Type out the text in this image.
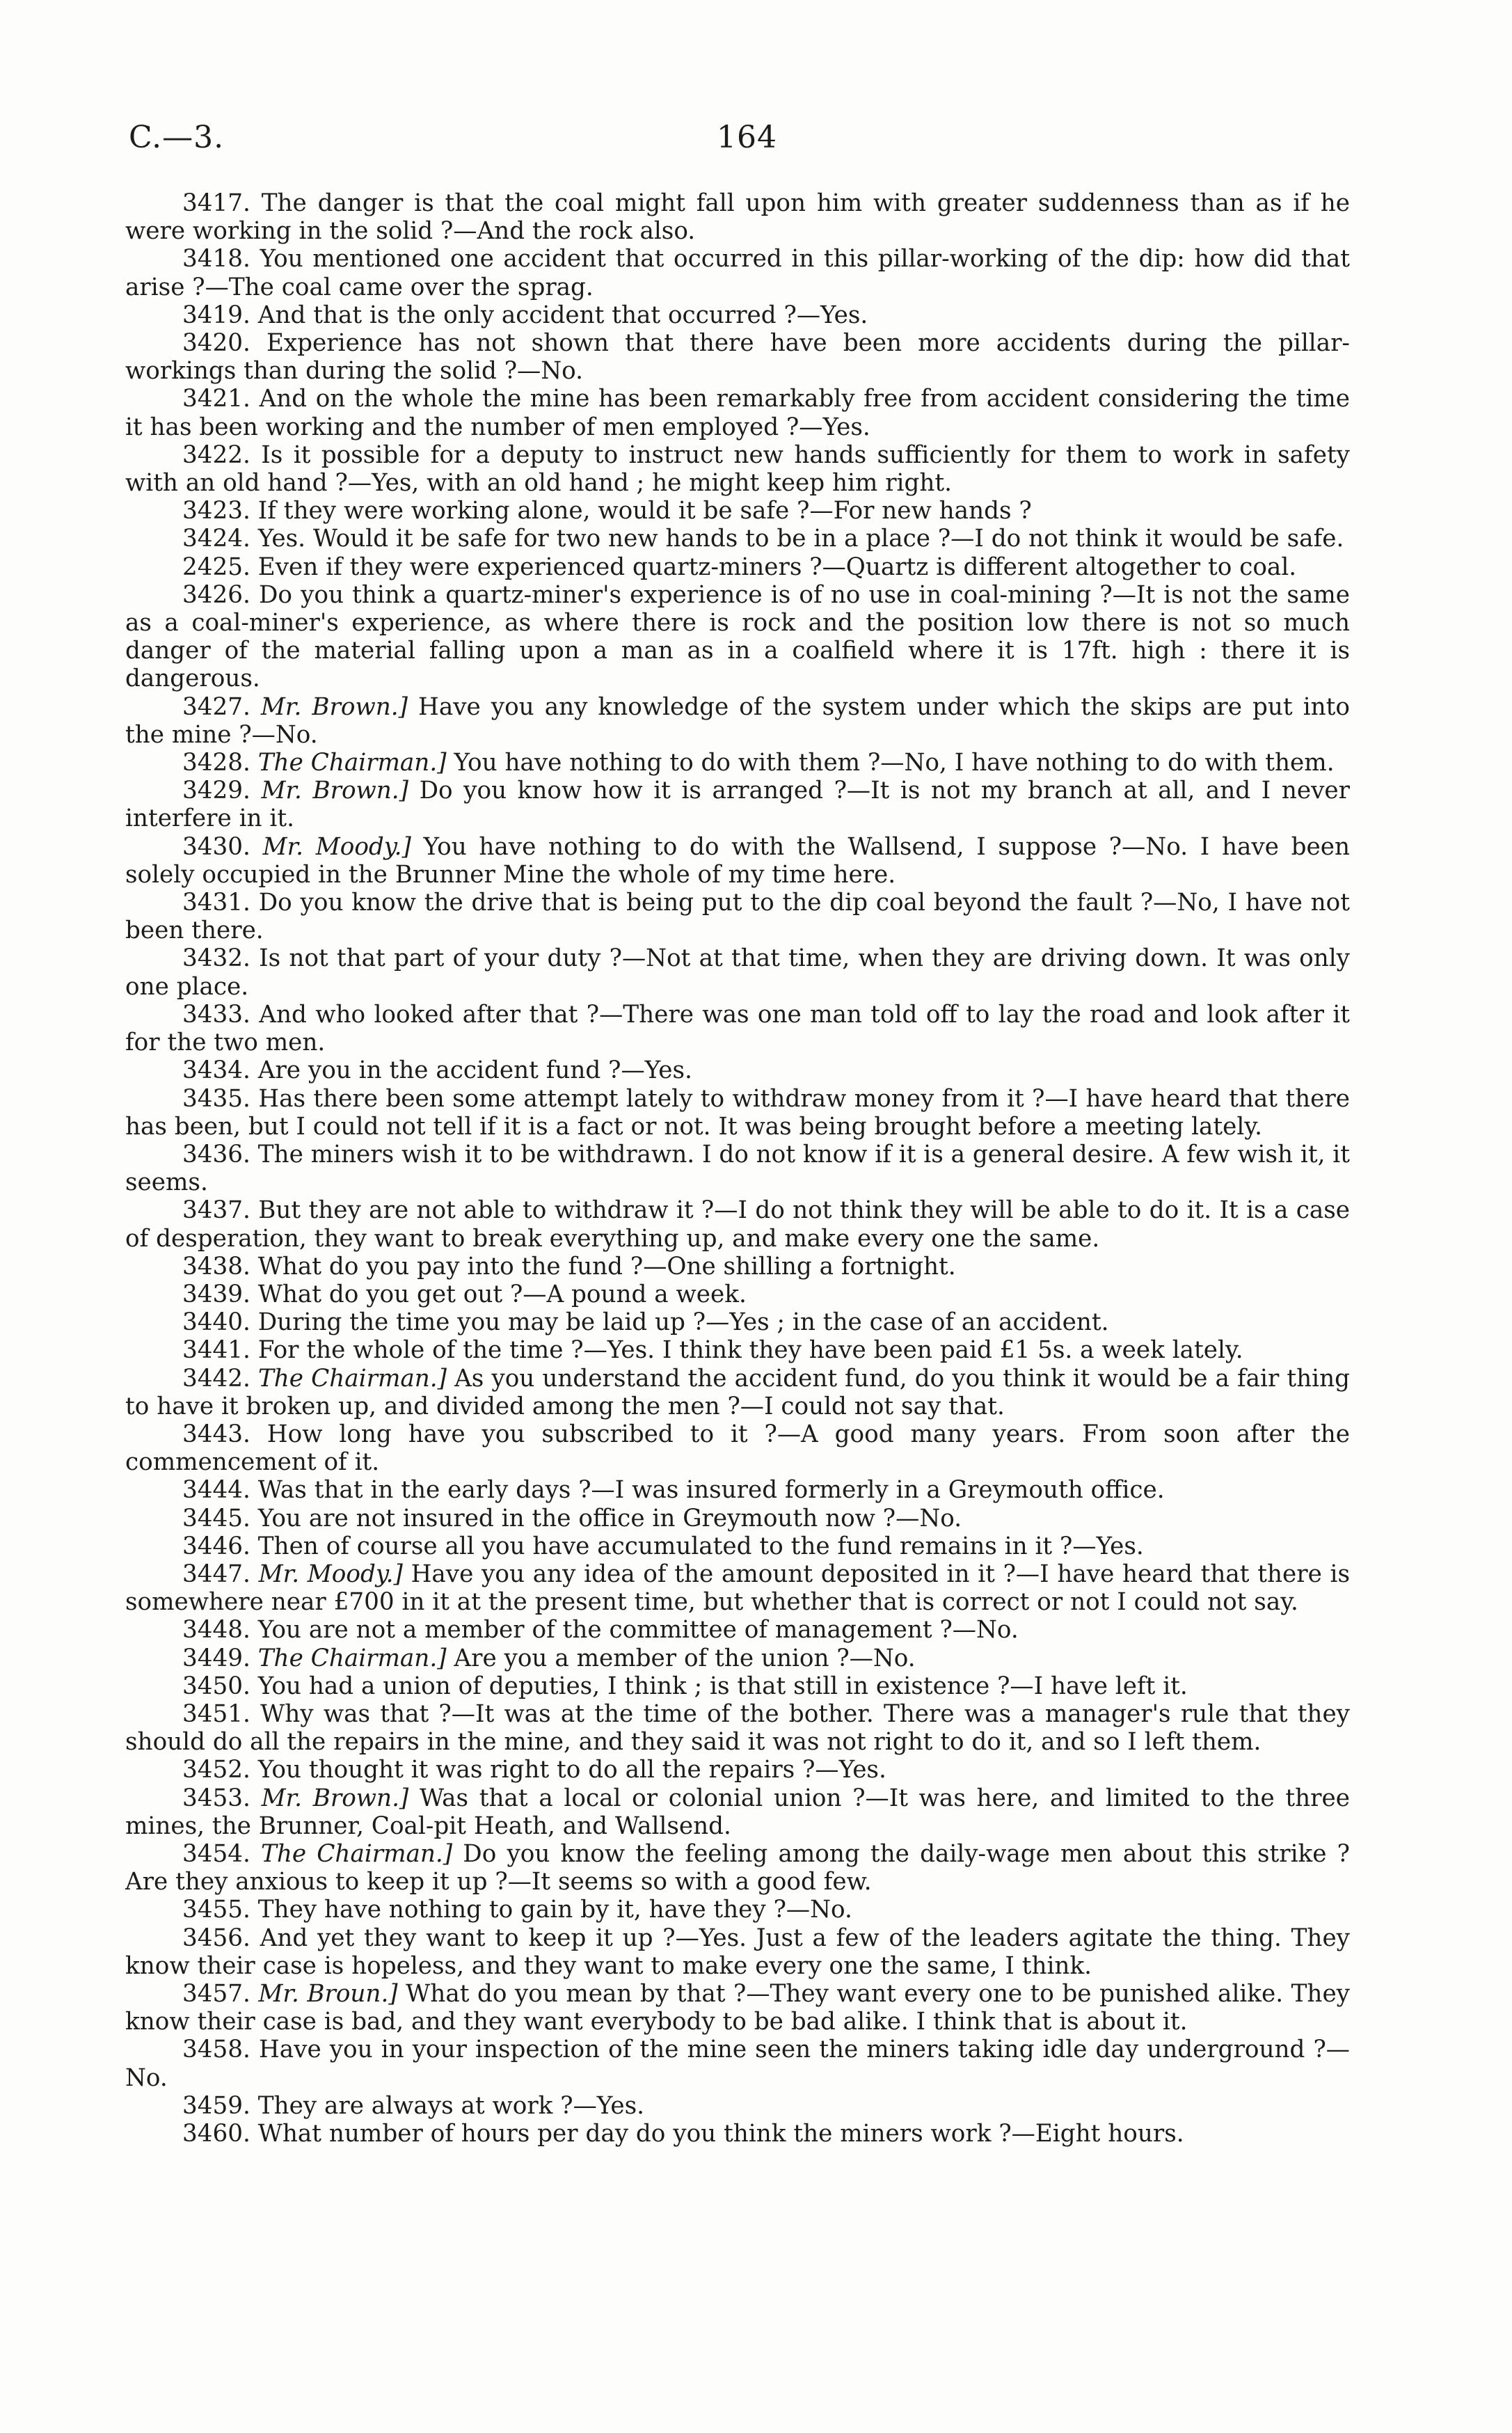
C.—3.	164

3417. The danger is that the coal might fall upon him with greater suddenness than as if he were working in the solid ?—And the rock also.

3418. You mentioned one accident that occurred in this pillar-working of the dip: how did that arise ?—The coal came over the sprag.

3419. And that is the only accident that occurred ?—Yes.

3420. Experience has not shown that there have been more accidents during the pillar-workings than during the solid ?—No.

3421. And on the whole the mine has been remarkably free from accident considering the time it has been working and the number of men employed ?—Yes.

3422. Is it possible for a deputy to instruct new hands sufficiently for them to work in safety with an old hand ?—Yes, with an old hand ; he might keep him right.

3423. If they were working alone, would it be safe ?—For new hands ?

3424. Yes. Would it be safe for two new hands to be in a place ?—I do not think it would be safe.

2425. Even if they were experienced quartz-miners ?—Quartz is different altogether to coal.

3426. Do you think a quartz-miner's experience is of no use in coal-mining ?—It is not the same as a coal-miner's experience, as where there is rock and the position low there is not so much danger of the material falling upon a man as in a coalfield where it is 17ft. high : there it is dangerous.

3427. Mr. Brown.] Have you any knowledge of the system under which the skips are put into the mine ?—No.

3428. The Chairman.] You have nothing to do with them ?—No, I have nothing to do with them.

3429. Mr. Brown.] Do you know how it is arranged ?—It is not my branch at all, and I never interfere in it.

3430. Mr. Moody.] You have nothing to do with the Wallsend, I suppose ?—No. I have been solely occupied in the Brunner Mine the whole of my time here.

3431. Do you know the drive that is being put to the dip coal beyond the fault ?—No, I have not been there.

3432. Is not that part of your duty ?—Not at that time, when they are driving down. It was only one place.

3433. And who looked after that ?—There was one man told off to lay the road and look after it for the two men.

3434. Are you in the accident fund ?—Yes.

3435. Has there been some attempt lately to withdraw money from it ?—I have heard that there has been, but I could not tell if it is a fact or not. It was being brought before a meeting lately.

3436. The miners wish it to be withdrawn. I do not know if it is a general desire. A few wish it, it seems.

3437. But they are not able to withdraw it ?—I do not think they will be able to do it. It is a case of desperation, they want to break everything up, and make every one the same.

3438. What do you pay into the fund ?—One shilling a fortnight.

3439. What do you get out ?—A pound a week.

3440. During the time you may be laid up ?—Yes ; in the case of an accident.

3441. For the whole of the time ?—Yes. I think they have been paid £1 5s. a week lately.

3442. The Chairman.] As you understand the accident fund, do you think it would be a fair thing to have it broken up, and divided among the men ?—I could not say that.

3443. How long have you subscribed to it ?—A good many years. From soon after the commencement of it.

3444. Was that in the early days ?—I was insured formerly in a Greymouth office.

3445. You are not insured in the office in Greymouth now ?—No.

3446. Then of course all you have accumulated to the fund remains in it ?—Yes.

3447. Mr. Moody.] Have you any idea of the amount deposited in it ?—I have heard that there is somewhere near £700 in it at the present time, but whether that is correct or not I could not say.

3448. You are not a member of the committee of management ?—No.

3449. The Chairman.] Are you a member of the union ?—No.

3450. You had a union of deputies, I think ; is that still in existence ?—I have left it.

3451. Why was that ?—It was at the time of the bother. There was a manager's rule that they should do all the repairs in the mine, and they said it was not right to do it, and so I left them.

3452. You thought it was right to do all the repairs ?—Yes.

3453. Mr. Brown.] Was that a local or colonial union ?—It was here, and limited to the three mines, the Brunner, Coal-pit Heath, and Wallsend.

3454. The Chairman.] Do you know the feeling among the daily-wage men about this strike ? Are they anxious to keep it up ?—It seems so with a good few.

3455. They have nothing to gain by it, have they ?—No.

3456. And yet they want to keep it up ?—Yes. Just a few of the leaders agitate the thing. They know their case is hopeless, and they want to make every one the same, I think.

3457. Mr. Broun.] What do you mean by that ?—They want every one to be punished alike. They know their case is bad, and they want everybody to be bad alike. I think that is about it.

3458. Have you in your inspection of the mine seen the miners taking idle day underground ?—No.

3459. They are always at work ?—Yes.

3460. What number of hours per day do you think the miners work ?—Eight hours.
